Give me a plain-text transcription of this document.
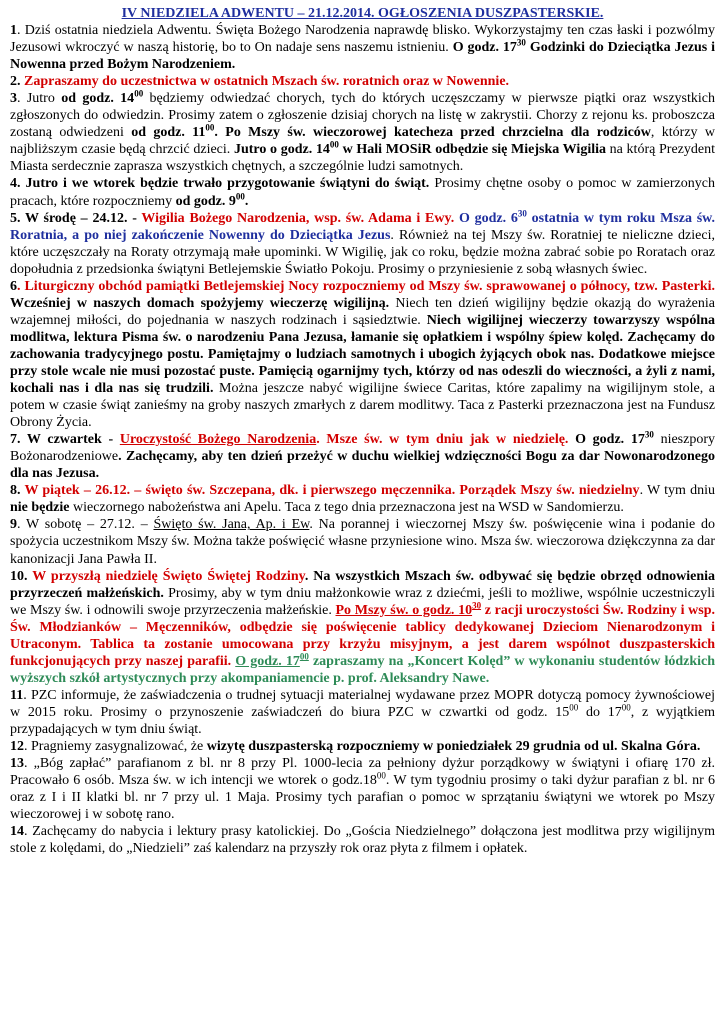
IV NIEDZIELA ADWENTU – 21.12.2014. OGŁOSZENIA DUSZPASTERSKIE.

1. Dziś ostatnia niedziela Adwentu. Święta Bożego Narodzenia naprawdę blisko. Wykorzystajmy ten czas łaski i pozwólmy Jezusowi wkroczyć w naszą historię, bo to On nadaje sens naszemu istnieniu. O godz. $17^{30}$ Godzinki do Dzieciątka Jezus i Nowenna przed Bożym Narodzeniem.

2. Zapraszamy do uczestnictwa w ostatnich Mszach św. roratnich oraz w Nowennie.

3. Jutro od godz. $14^{00}$ będziemy odwiedzać chorych, tych do których uczęszczamy w pierwsze piątki oraz wszystkich zgłoszonych do odwiedzin. Prosimy zatem o zgłoszenie dzisiaj chorych na listę w zakrystii. Chorzy z rejonu ks. proboszcza zostaną odwiedzeni od godz. $11^{00}$. Po Mszy św. wieczorowej katecheza przed chrzcielna dla rodziców, którzy w najbliższym czasie będą chrzcić dzieci. Jutro o godz. $14^{00}$ w Hali MOSiR odbędzie się Miejska Wigilia na którą Prezydent Miasta serdecznie zaprasza wszystkich chętnych, a szczególnie ludzi samotnych.

4. Jutro i we wtorek będzie trwało przygotowanie świątyni do świąt. Prosimy chętne osoby o pomoc w zamierzonych pracach, które rozpoczniemy od godz. $9^{00}$.

5. W środę – 24.12. - Wigilia Bożego Narodzenia, wsp. św. Adama i Ewy. O godz. $6^{30}$ ostatnia w tym roku Msza św. Roratnia, a po niej zakończenie Nowenny do Dzieciątka Jezus. Również na tej Mszy św. Roratniej te nieliczne dzieci, które uczęszczały na Roraty otrzymają małe upominki. W Wigilię, jak co roku, będzie można zabrać sobie po Roratach oraz dopołudnia z przedsionka świątyni Betlejemskie Światło Pokoju. Prosimy o przyniesienie z sobą własnych świec.

6. Liturgiczny obchód pamiątki Betlejemskiej Nocy rozpoczniemy od Mszy św. sprawowanej o północy, tzw. Pasterki. Wcześniej w naszych domach spożyjemy wieczerzę wigilijną. Niech ten dzień wigilijny będzie okazją do wyrażenia wzajemnej miłości, do pojednania w naszych rodzinach i sąsiedztwie. Niech wigilijnej wieczerzy towarzyszy wspólna modlitwa, lektura Pisma św. o narodzeniu Pana Jezusa, łamanie się opłatkiem i wspólny śpiew kolęd. Zachęcamy do zachowania tradycyjnego postu. Pamiętajmy o ludziach samotnych i ubogich żyjących obok nas. Dodatkowe miejsce przy stole wcale nie musi pozostać puste. Pamięcią ogarnijmy tych, którzy od nas odeszli do wieczności, a żyli z nami, kochali nas i dla nas się trudzili. Można jeszcze nabyć wigilijne świece Caritas, które zapalimy na wigilijnym stole, a potem w czasie świąt zanieśmy na groby naszych zmarłych z darem modlitwy. Taca z Pasterki przeznaczona jest na Fundusz Obrony Życia.

7. W czwartek - Uroczystość Bożego Narodzenia. Msze św. w tym dniu jak w niedzielę. O godz. $17^{30}$ nieszpory Bożonarodzeniowe. Zachęcamy, aby ten dzień przeżyć w duchu wielkiej wdzięczności Bogu za dar Nowonarodzonego dla nas Jezusa.

8. W piątek – 26.12. – święto św. Szczepana, dk. i pierwszego męczennika. Porządek Mszy św. niedzielny. W tym dniu nie będzie wieczornego nabożeństwa ani Apelu. Taca z tego dnia przeznaczona jest na WSD w Sandomierzu.

9. W sobotę – 27.12. – Święto św. Jana, Ap. i Ew. Na porannej i wieczornej Mszy św. poświęcenie wina i podanie do spożycia uczestnikom Mszy św. Można także poświęcić własne przyniesione wino. Msza św. wieczorowa dziękczynna za dar kanonizacji Jana Pawła II.

10. W przyszłą niedzielę Święto Świętej Rodziny. Na wszystkich Mszach św. odbywać się będzie obrzęd odnowienia przyrzeczeń małżeńskich. Prosimy, aby w tym dniu małżonkowie wraz z dziećmi, jeśli to możliwe, wspólnie uczestniczyli we Mszy św. i odnowili swoje przyrzeczenia małżeńskie. Po Mszy św. o godz. $10^{30}$ z racji uroczystości Św. Rodziny i wsp. Św. Młodzianków – Męczenników, odbędzie się poświęcenie tablicy dedykowanej Dzieciom Nienarodzonym i Utraconym. Tablica ta zostanie umocowana przy krzyżu misyjnym, a jest darem wspólnot duszpasterskich funkcjonujących przy naszej parafii. O godz. $17^{00}$ zapraszamy na „Koncert Kolęd” w wykonaniu studentów łódzkich wyższych szkół artystycznych przy akompaniamencie p. prof. Aleksandry Nawe.

11. PZC informuje, że zaświadczenia o trudnej sytuacji materialnej wydawane przez MOPR dotyczą pomocy żywnościowej w 2015 roku. Prosimy o przynoszenie zaświadczeń do biura PZC w czwartki od godz. $15^{00}$ do $17^{00}$, z wyjątkiem przypadających w tym dniu świąt.

12. Pragniemy zasygnalizować, że wizytę duszpasterską rozpoczniemy w poniedziałek 29 grudnia od ul. Skalna Góra.

13. „Bóg zapłać” parafianom z bl. nr 8 przy Pl. 1000-lecia za pełniony dyżur porządkowy w świątyni i ofiarę 170 zł. Pracowało 6 osób. Msza św. w ich intencji we wtorek o $godz.18^{00}$. W tym tygodniu prosimy o taki dyżur parafian z bl. nr 6 oraz z I i II klatki bl. nr 7 przy ul. 1 Maja. Prosimy tych parafian o pomoc w sprzątaniu świątyni we wtorek po Mszy wieczorowej i w sobotę rano.

14. Zachęcamy do nabycia i lektury prasy katolickiej. Do „Gościa Niedzielnego” dołączona jest modlitwa przy wigilijnym stole z kolędami, do „Niedzieli” zaś kalendarz na przyszły rok oraz płyta z filmem i opłatek.
